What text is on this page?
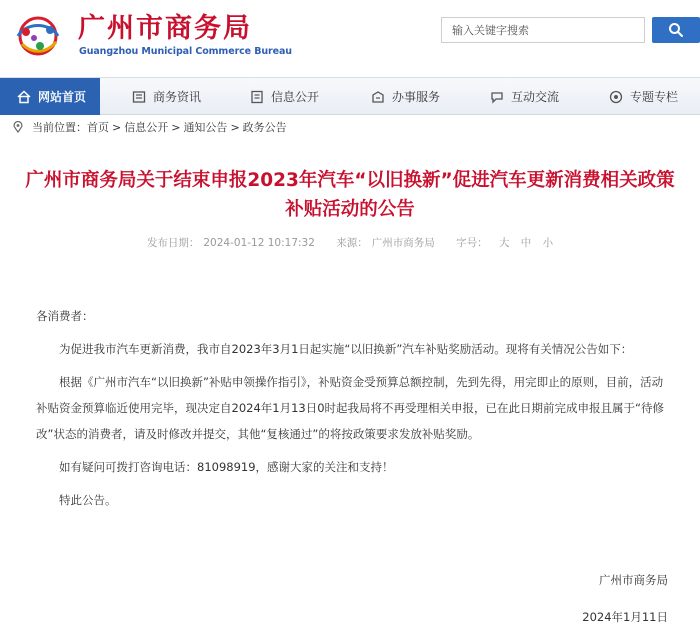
广州市商务局
Guangzhou Municipal Commerce Bureau
输入关键字搜索
网站首页	商务资讯	信息公开	办事服务	互动交流	专题专栏
当前位置： 首页 > 信息公开 > 通知公告 > 政务公告
广州市商务局关于结束申报2023年汽车“以旧换新”促进汽车更新消费相关政策补贴活动的公告
发布日期： 2024-01-12 10:17:32 来源： 广州市商务局 字号： 大 中 小

各消费者：

为促进我市汽车更新消费，我市自2023年3月1日起实施“以旧换新”汽车补贴奖励活动。现将有关情况公告如下：

根据《广州市汽车“以旧换新”补贴申领操作指引》，补贴资金受预算总额控制，先到先得，用完即止的原则，目前，活动补贴资金预算临近使用完毕，现决定自2024年1月13日0时起我局将不再受理相关申报，已在此日期前完成申报且属于“待修改”状态的消费者，请及时修改并提交，其他“复核通过”的将按政策要求发放补贴奖励。

如有疑问可拨打咨询电话：81098919，感谢大家的关注和支持！

特此公告。

广州市商务局
2024年1月11日
